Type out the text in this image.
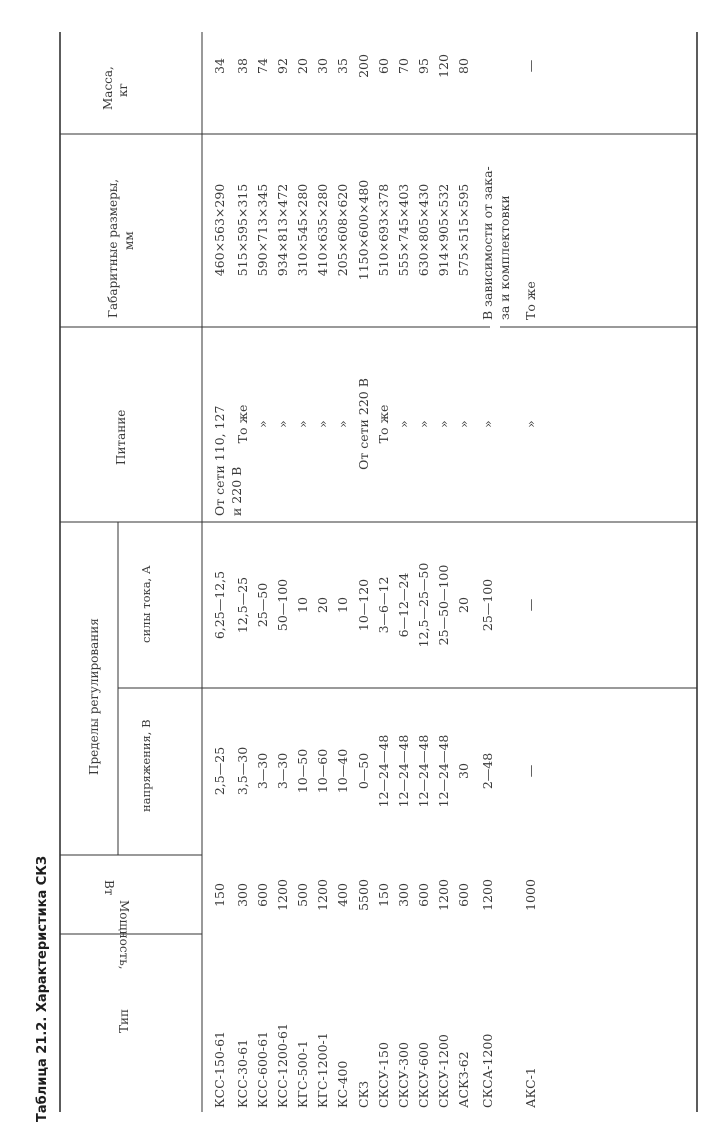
Таблица 21.2. Характеристика СКЗ	Тип
Мощность,
Вт
Пределы регулирования	напряжения, В
силы тока, А
Питание
Габаритные размеры, мм
Масса, кг
КСС-150-61
150
2,5—25
6,25—12,5
От сети 110, 127 и 220 В
460×563×290
34
КСС-30-61
300
3,5—30
12,5—25
То же
515×595×315
38
КСС-600-61
600
3—30
25—50
»
590×713×345
74
КСС-1200-61
1200
3—30
50—100
»
934×813×472
92
КГС-500-1
500
10—50
10
»
310×545×280
20
КГС-1200-1
1200
10—60
20
»
410×635×280
30
КС-400
400
10—40
10
»
205×608×620
35
СКЗ
5500
0—50
10—120
От сети 220 В
1150×600×480
200
СКСУ-150
150
12—24—48
3—6—12
То же
510×693×378
60
СКСУ-300
300
12—24—48
6—12—24
»
555×745×403
70
СКСУ-600
600
12—24—48
12,5—25—50
»
630×805×430
95
СКСУ-1200
1200
12—24—48
25—50—100
»
914×905×532
120
АСКЗ-62
600
30
20
»
575×515×595
80
СКСА-1200
1200
2—48
25—100
»
В зависимости от зака- за и комплектовки
АКС-1
1000
—
—
»
То же
—
